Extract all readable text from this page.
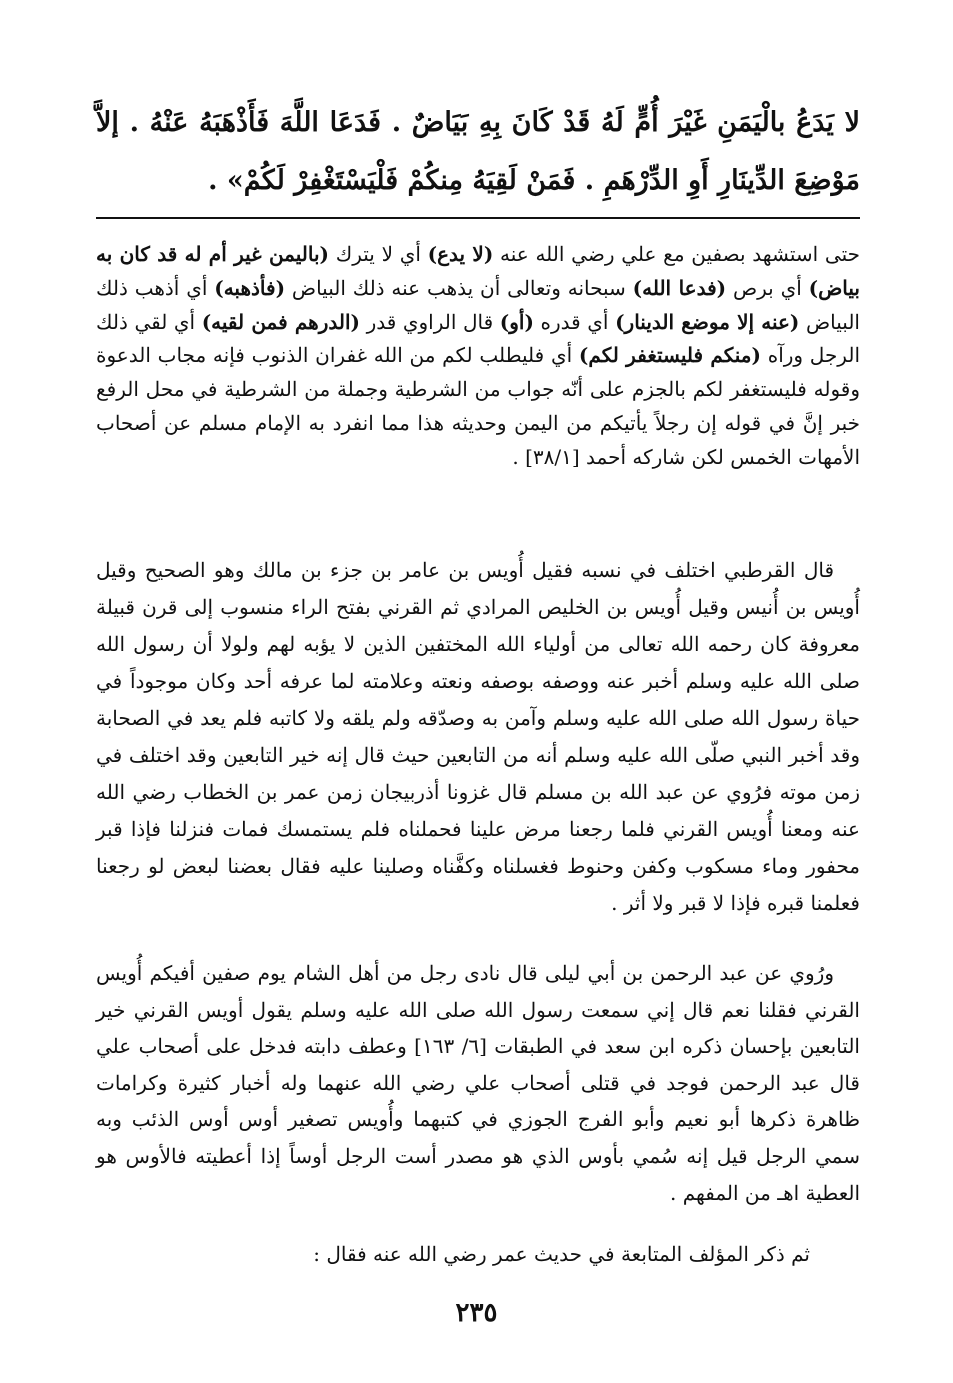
لا يَدَعُ بالْيَمَنِ غَيْرَ أُمٍّ لَهُ قَدْ كَانَ بِهِ بَيَاضٌ . فَدَعَا اللَّهَ فَأَذْهَبَهُ عَنْهُ . إلاَّ مَوْضِعَ الدِّينَارِ أَوِ الدِّرْهَمِ . فَمَنْ لَقِيَهُ مِنكُمْ فَلْيَسْتَغْفِرْ لَكُمْ» .

حتى استشهد بصفين مع علي رضي الله عنه (لا يدع) أي لا يترك (باليمن غير أم له قد كان به بياض) أي برص (فدعا الله) سبحانه وتعالى أن يذهب عنه ذلك البياض (فأذهبه) أي أذهب ذلك البياض (عنه إلا موضع الدينار) أي قدره (أو) قال الراوي قدر (الدرهم فمن لقيه) أي لقي ذلك الرجل ورآه (منكم فليستغفر لكم) أي فليطلب لكم من الله غفران الذنوب فإنه مجاب الدعوة وقوله فليستغفر لكم بالجزم على أنّه جواب من الشرطية وجملة من الشرطية في محل الرفع خبر إنَّ في قوله إن رجلاً يأتيكم من اليمن وحديثه هذا مما انفرد به الإمام مسلم عن أصحاب الأمهات الخمس لكن شاركه أحمد [٣٨/١] .

قال القرطبي اختلف في نسبه فقيل أُويس بن عامر بن جزء بن مالك وهو الصحيح وقيل أُويس بن أُنيس وقيل أُويس بن الخليص المرادي ثم القرني بفتح الراء منسوب إلى قرن قبيلة معروفة كان رحمه الله تعالى من أولياء الله المختفين الذين لا يؤبه لهم ولولا أن رسول الله صلى الله عليه وسلم أخبر عنه ووصفه بوصفه ونعته وعلامته لما عرفه أحد وكان موجوداً في حياة رسول الله صلى الله عليه وسلم وآمن به وصدّقه ولم يلقه ولا كاتبه فلم يعد في الصحابة وقد أخبر النبي صلّى الله عليه وسلم أنه من التابعين حيث قال إنه خير التابعين وقد اختلف في زمن موته فرُوي عن عبد الله بن مسلم قال غزونا أذربيجان زمن عمر بن الخطاب رضي الله عنه ومعنا أُويس القرني فلما رجعنا مرض علينا فحملناه فلم يستمسك فمات فنزلنا فإذا قبر محفور وماء مسكوب وكفن وحنوط فغسلناه وكفَّناه وصلينا عليه فقال بعضنا لبعض لو رجعنا فعلمنا قبره فإذا لا قبر ولا أثر .

ورُوي عن عبد الرحمن بن أبي ليلى قال نادى رجل من أهل الشام يوم صفين أفيكم أُويس القرني فقلنا نعم قال إني سمعت رسول الله صلى الله عليه وسلم يقول أويس القرني خير التابعين بإحسان ذكره ابن سعد في الطبقات [٦/ ١٦٣] وعطف دابته فدخل على أصحاب علي قال عبد الرحمن فوجد في قتلى أصحاب علي رضي الله عنهما وله أخبار كثيرة وكرامات ظاهرة ذكرها أبو نعيم وأبو الفرج الجوزي في كتبهما وأُويس تصغير أوس أوس الذئب وبه سمي الرجل قيل إنه سُمي بأوس الذي هو مصدر أست الرجل أوساً إذا أعطيته فالأوس هو العطية اهـ من المفهم .

ثم ذكر المؤلف المتابعة في حديث عمر رضي الله عنه فقال :

٢٣٥
